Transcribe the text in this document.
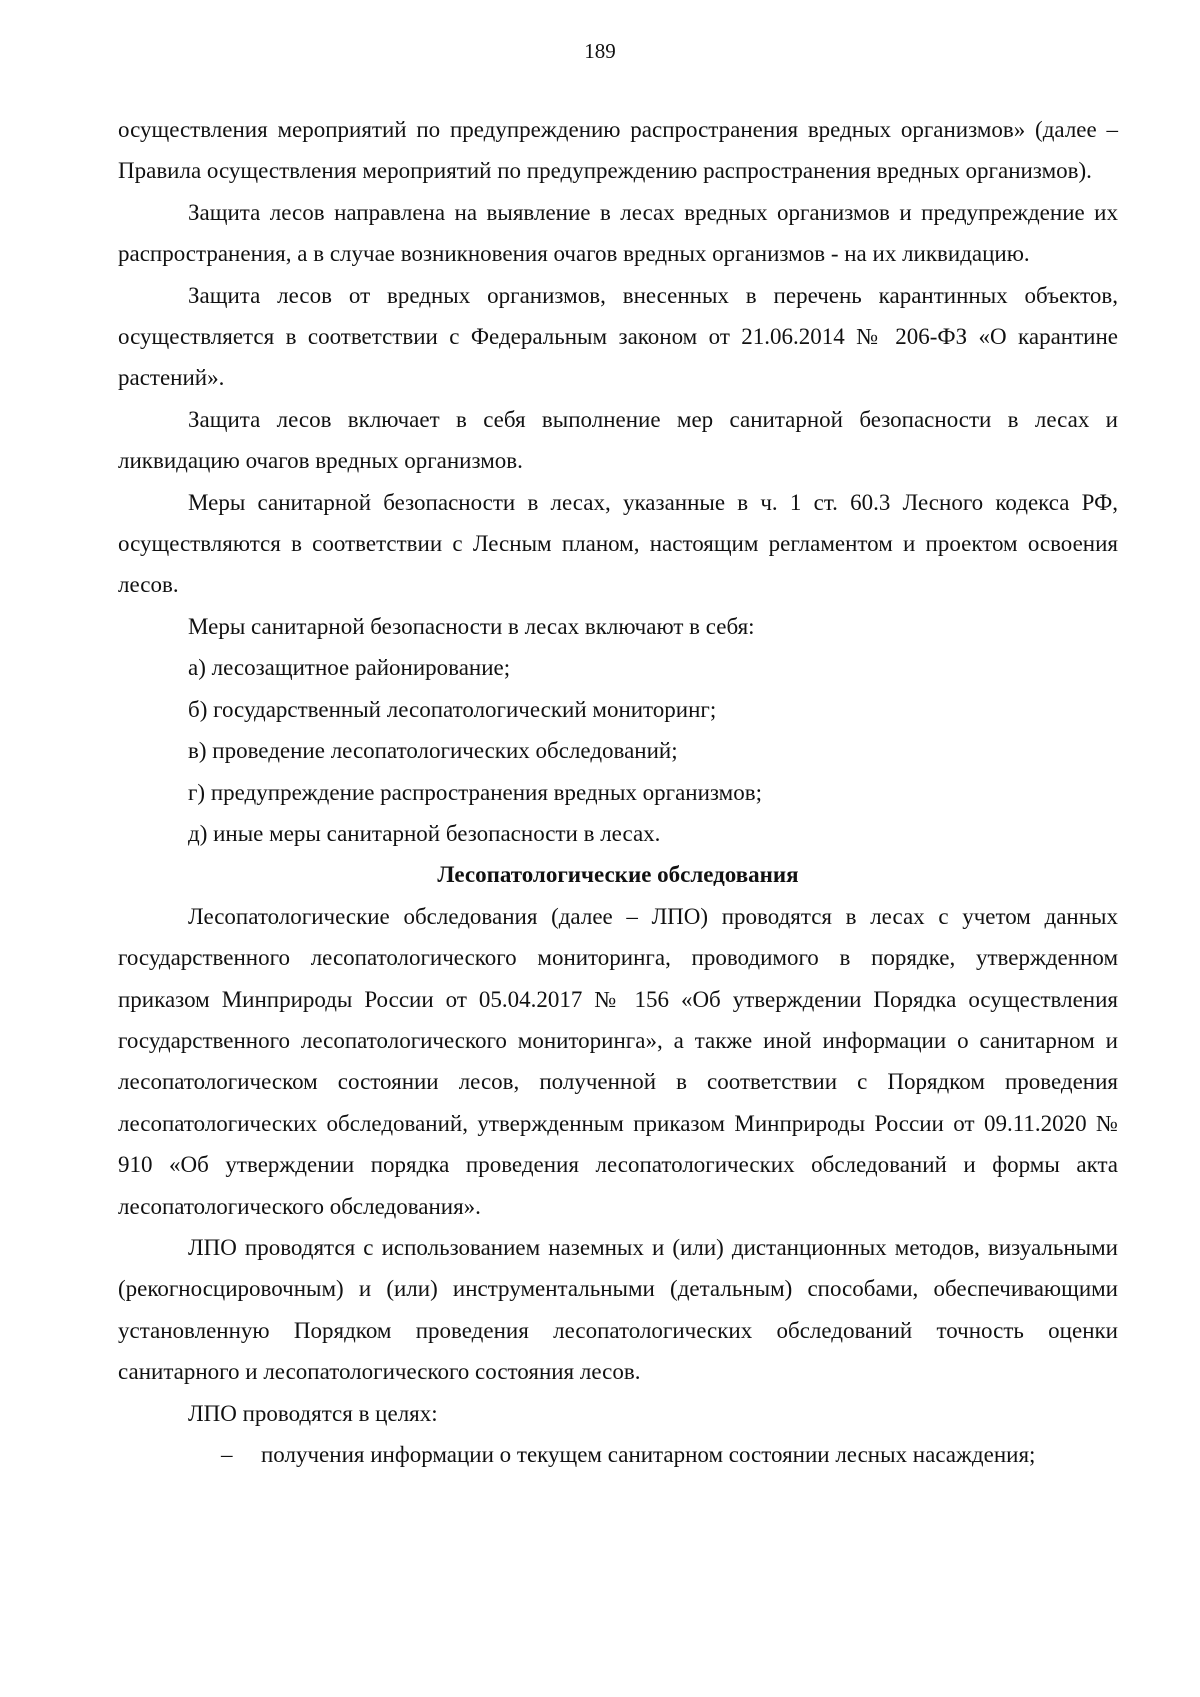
189

осуществления мероприятий по предупреждению распространения вредных организмов» (далее – Правила осуществления мероприятий по предупреждению распространения вредных организмов).

Защита лесов направлена на выявление в лесах вредных организмов и предупреждение их распространения, а в случае возникновения очагов вредных организмов - на их ликвидацию.

Защита лесов от вредных организмов, внесенных в перечень карантинных объектов, осуществляется в соответствии с Федеральным законом от 21.06.2014 № 206-ФЗ «О карантине растений».

Защита лесов включает в себя выполнение мер санитарной безопасности в лесах и ликвидацию очагов вредных организмов.

Меры санитарной безопасности в лесах, указанные в ч. 1 ст. 60.3 Лесного кодекса РФ, осуществляются в соответствии с Лесным планом, настоящим регламентом и проектом освоения лесов.

Меры санитарной безопасности в лесах включают в себя:

а) лесозащитное районирование;

б) государственный лесопатологический мониторинг;

в) проведение лесопатологических обследований;

г) предупреждение распространения вредных организмов;

д) иные меры санитарной безопасности в лесах.

Лесопатологические обследования

Лесопатологические обследования (далее – ЛПО) проводятся в лесах с учетом данных государственного лесопатологического мониторинга, проводимого в порядке, утвержденном приказом Минприроды России от 05.04.2017 № 156 «Об утверждении Порядка осуществления государственного лесопатологического мониторинга», а также иной информации о санитарном и лесопатологическом состоянии лесов, полученной в соответствии с Порядком проведения лесопатологических обследований, утвержденным приказом Минприроды России от 09.11.2020 № 910 «Об утверждении порядка проведения лесопатологических обследований и формы акта лесопатологического обследования».

ЛПО проводятся с использованием наземных и (или) дистанционных методов, визуальными (рекогносцировочным) и (или) инструментальными (детальным) способами, обеспечивающими установленную Порядком проведения лесопатологических обследований точность оценки санитарного и лесопатологического состояния лесов.

ЛПО проводятся в целях:

– получения информации о текущем санитарном состоянии лесных насаждения;
